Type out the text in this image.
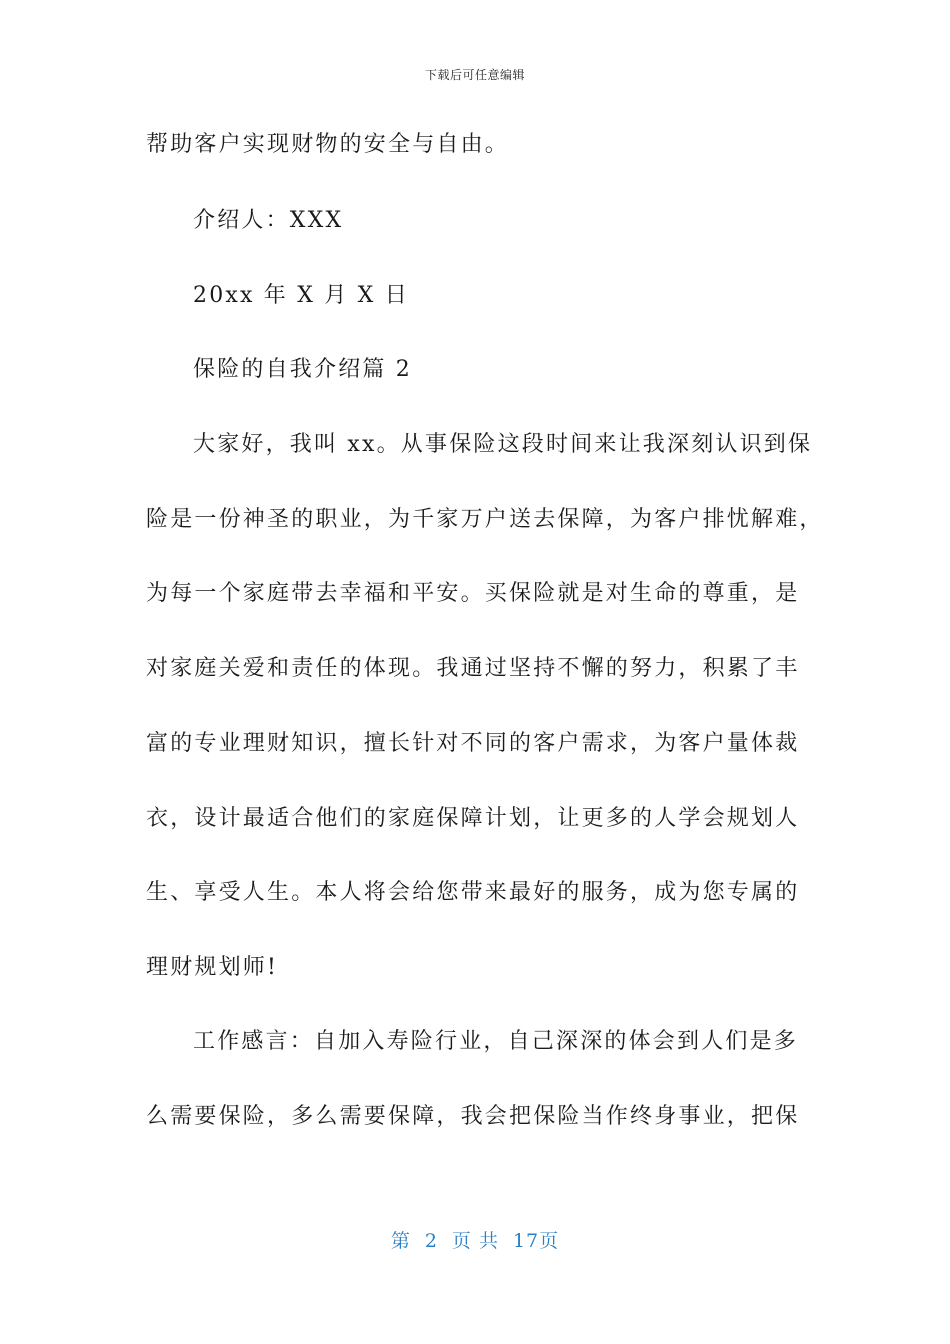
下载后可任意编辑
帮助客户实现财物的安全与自由。
介绍人：XXX
20xx 年 X 月 X 日
保险的自我介绍篇 2
大家好，我叫 xx。从事保险这段时间来让我深刻认识到保
险是一份神圣的职业，为千家万户送去保障，为客户排忧解难，
为每一个家庭带去幸福和平安。买保险就是对生命的尊重，是
对家庭关爱和责任的体现。我通过坚持不懈的努力，积累了丰
富的专业理财知识，擅长针对不同的客户需求，为客户量体裁
衣，设计最适合他们的家庭保障计划，让更多的人学会规划人
生、享受人生。本人将会给您带来最好的服务，成为您专属的
理财规划师!
工作感言：自加入寿险行业，自己深深的体会到人们是多
么需要保险，多么需要保障，我会把保险当作终身事业，把保
第 2 页 共 17页
